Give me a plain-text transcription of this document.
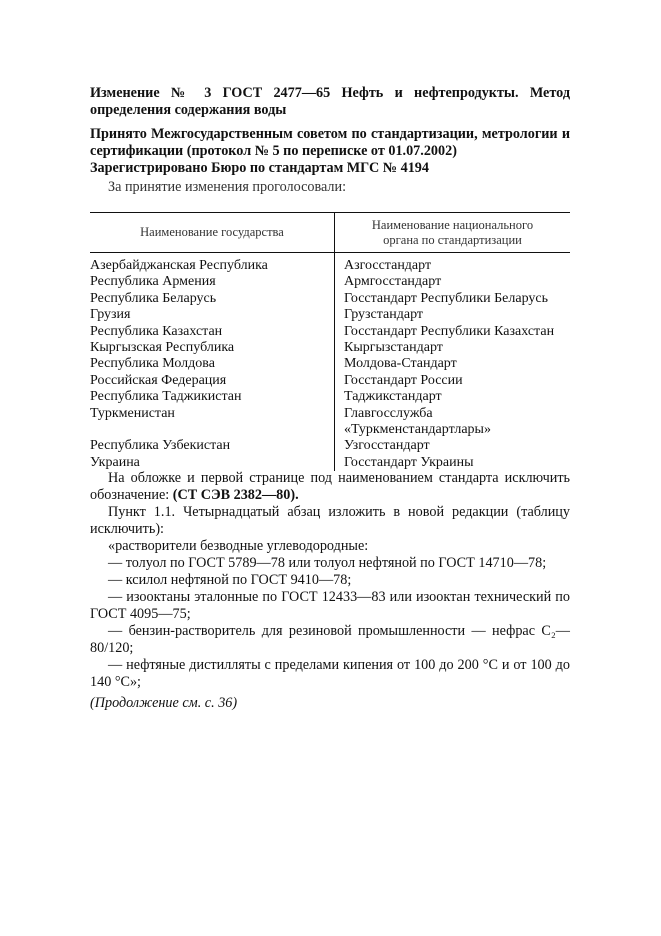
Изменение № 3 ГОСТ 2477—65 Нефть и нефтепродукты. Метод определения содержания воды
Принято Межгосударственным советом по стандартизации, метрологии и сертификации (протокол № 5 по переписке от 01.07.2002)
Зарегистрировано Бюро по стандартам МГС № 4194
За принятие изменения проголосовали:
Наименование государства	Наименование национального органа по стандартизации
Азербайджанская Республика	Азгосстандарт
Республика Армения	Армгосстандарт
Республика Беларусь	Госстандарт Республики Беларусь
Грузия	Грузстандарт
Республика Казахстан	Госстандарт Республики Казахстан
Кыргызская Республика	Кыргызстандарт
Республика Молдова	Молдова-Стандарт
Российская Федерация	Госстандарт России
Республика Таджикистан	Таджикстандарт
Туркменистан	Главгосслужба «Туркменстандартлары»
Республика Узбекистан	Узгосстандарт
Украина	Госстандарт Украины
На обложке и первой странице под наименованием стандарта исключить обозначение: (СТ СЭВ 2382—80).
Пункт 1.1. Четырнадцатый абзац изложить в новой редакции (таблицу исключить):
«растворители безводные углеводородные:
— толуол по ГОСТ 5789—78 или толуол нефтяной по ГОСТ 14710—78;
— ксилол нефтяной по ГОСТ 9410—78;
— изооктаны эталонные по ГОСТ 12433—83 или изооктан технический по ГОСТ 4095—75;
— бензин-растворитель для резиновой промышленности — нефрас С₂—80/120;
— нефтяные дистилляты с пределами кипения от 100 до 200 °С и от 100 до 140 °С»;
(Продолжение см. с. 36)
